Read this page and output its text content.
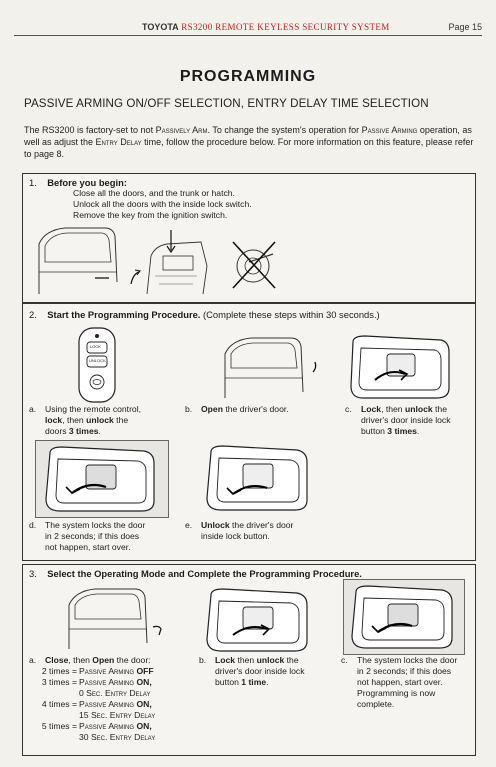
TOYOTA RS3200 REMOTE KEYLESS SECURITY SYSTEM	Page 15
PROGRAMMING
PASSIVE ARMING ON/OFF SELECTION, ENTRY DELAY TIME SELECTION
The RS3200 is factory-set to not Passively Arm. To change the system's operation for Passive Arming operation, as well as adjust the Entry Delay time, follow the procedure below. For more information on this feature, please refer to page 8.
1. Before you begin:
Close all the doors, and the trunk or hatch.
Unlock all the doors with the inside lock switch.
Remove the key from the ignition switch.
2. Start the Programming Procedure. (Complete these steps within 30 seconds.)
LOCK
UNLOCK
a. Using the remote control,
lock, then unlock the
doors 3 times.
b. Open the driver's door.	c. Lock, then unlock the
driver's door inside lock
button 3 times.
d. The system locks the door
in 2 seconds; if this does
not happen, start over.
e. Unlock the driver's door
inside lock button.
3. Select the Operating Mode and Complete the Programming Procedure.
a. Close, then Open the door:
2 times = Passive Arming OFF
3 times = Passive Arming ON,
0 Sec. Entry Delay
4 times = Passive Arming ON,
15 Sec. Entry Delay
5 times = Passive Arming ON,
30 Sec. Entry Delay
b. Lock then unlock the
driver's door inside lock
button 1 time.
c. The system locks the door
in 2 seconds; if this does
not happen, start over.
Programming is now
complete.
